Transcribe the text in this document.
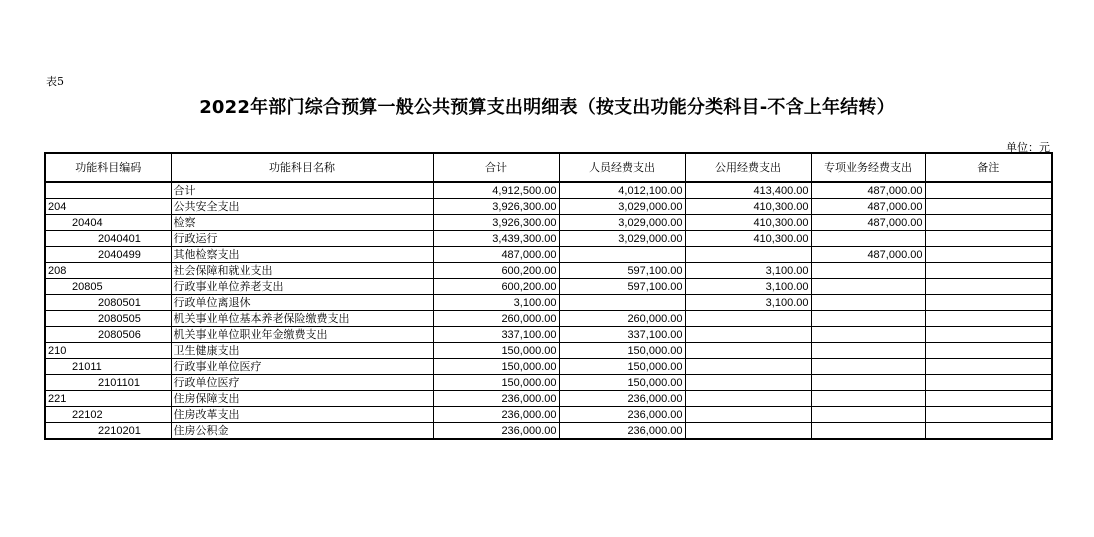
表5
2022年部门综合预算一般公共预算支出明细表（按支出功能分类科目-不含上年结转）
单位：元
功能科目编码	功能科目名称	合计	人员经费支出	公用经费支出	专项业务经费支出	备注
	合计	4,912,500.00	4,012,100.00	413,400.00	487,000.00	
204	公共安全支出	3,926,300.00	3,029,000.00	410,300.00	487,000.00	
20404	检察	3,926,300.00	3,029,000.00	410,300.00	487,000.00	
2040401	行政运行	3,439,300.00	3,029,000.00	410,300.00		
2040499	其他检察支出	487,000.00			487,000.00	
208	社会保障和就业支出	600,200.00	597,100.00	3,100.00		
20805	行政事业单位养老支出	600,200.00	597,100.00	3,100.00		
2080501	行政单位离退休	3,100.00		3,100.00		
2080505	机关事业单位基本养老保险缴费支出	260,000.00	260,000.00			
2080506	机关事业单位职业年金缴费支出	337,100.00	337,100.00			
210	卫生健康支出	150,000.00	150,000.00			
21011	行政事业单位医疗	150,000.00	150,000.00			
2101101	行政单位医疗	150,000.00	150,000.00			
221	住房保障支出	236,000.00	236,000.00			
22102	住房改革支出	236,000.00	236,000.00			
2210201	住房公积金	236,000.00	236,000.00			
